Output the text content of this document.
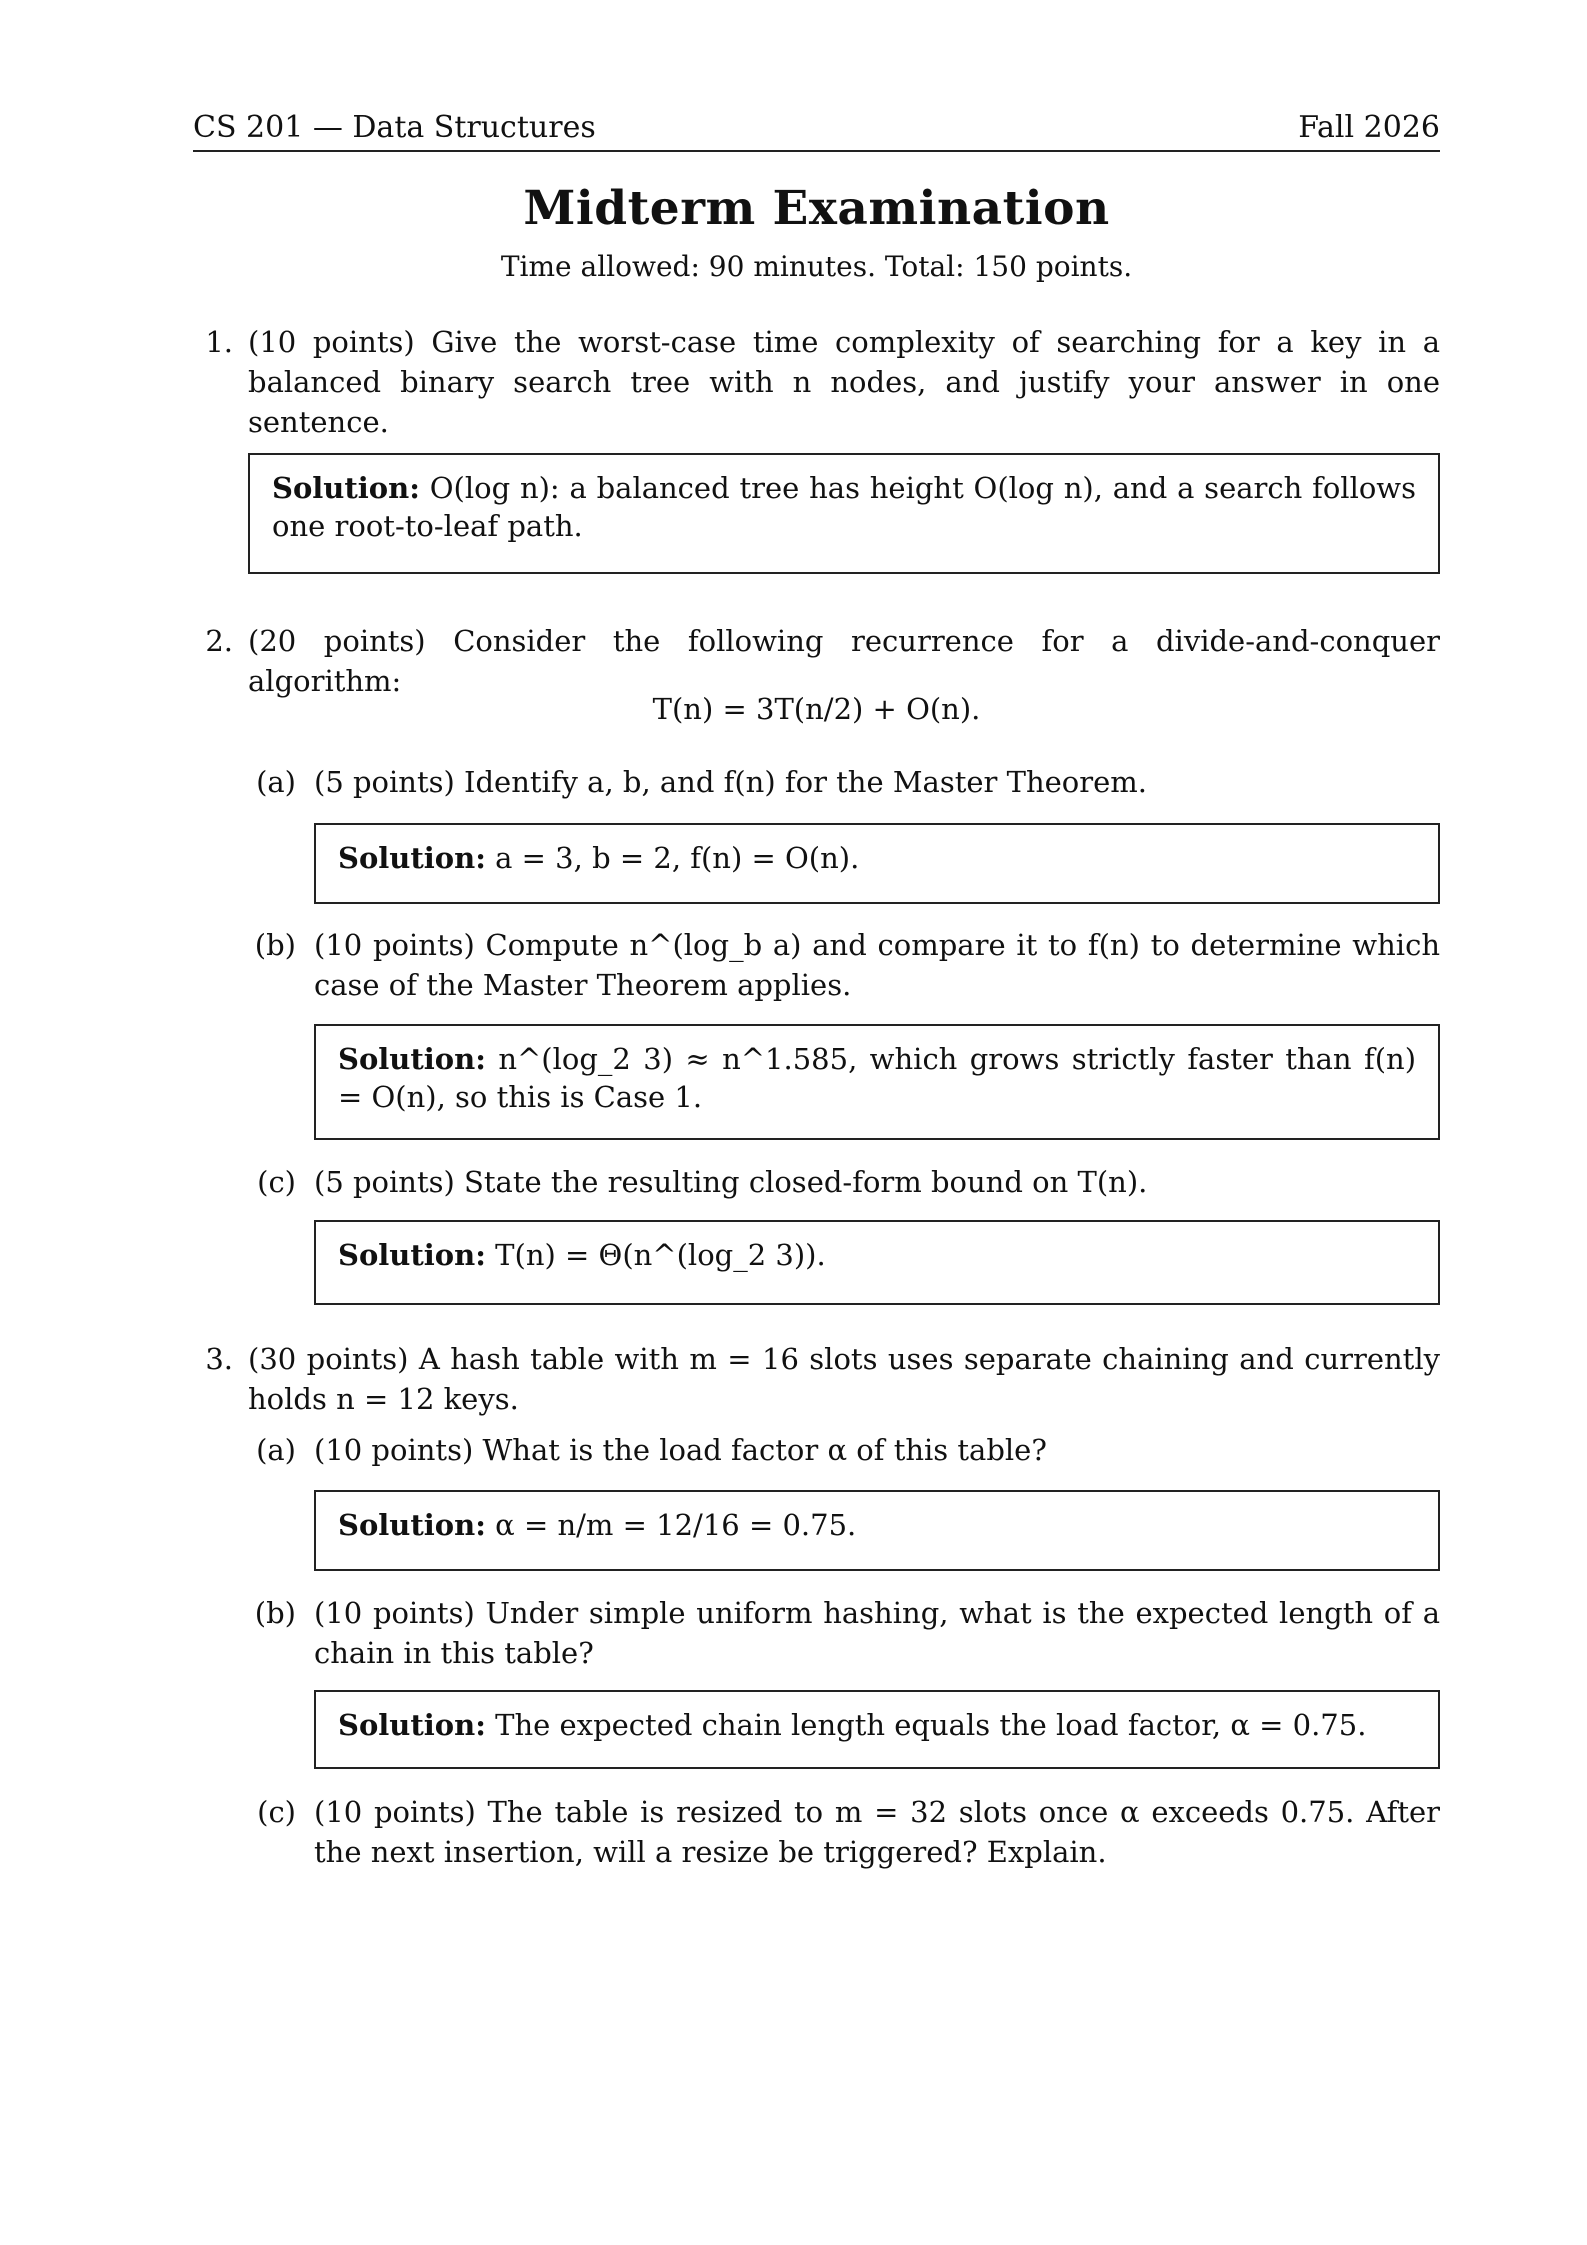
CS 201 — Data Structures	Fall 2026
Midterm Examination
Time allowed: 90 minutes. Total: 150 points.
1. (10 points) Give the worst-case time complexity of searching for a key in a balanced binary search tree with n nodes, and justify your answer in one sentence.
Solution: O(log n): a balanced tree has height O(log n), and a search follows one root-to-leaf path.
2. (20 points) Consider the following recurrence for a divide-and-conquer algorithm:
T(n) = 3T(n/2) + O(n).
(a) (5 points) Identify a, b, and f(n) for the Master Theorem.
Solution: a = 3, b = 2, f(n) = O(n).
(b) (10 points) Compute n^(log_b a) and compare it to f(n) to determine which case of the Master Theorem applies.
Solution: n^(log_2 3) ≈ n^1.585, which grows strictly faster than f(n) = O(n), so this is Case 1.
(c) (5 points) State the resulting closed-form bound on T(n).
Solution: T(n) = Θ(n^(log_2 3)).
3. (30 points) A hash table with m = 16 slots uses separate chaining and currently holds n = 12 keys.
(a) (10 points) What is the load factor α of this table?
Solution: α = n/m = 12/16 = 0.75.
(b) (10 points) Under simple uniform hashing, what is the expected length of a chain in this table?
Solution: The expected chain length equals the load factor, α = 0.75.
(c) (10 points) The table is resized to m = 32 slots once α exceeds 0.75. After the next insertion, will a resize be triggered? Explain.
